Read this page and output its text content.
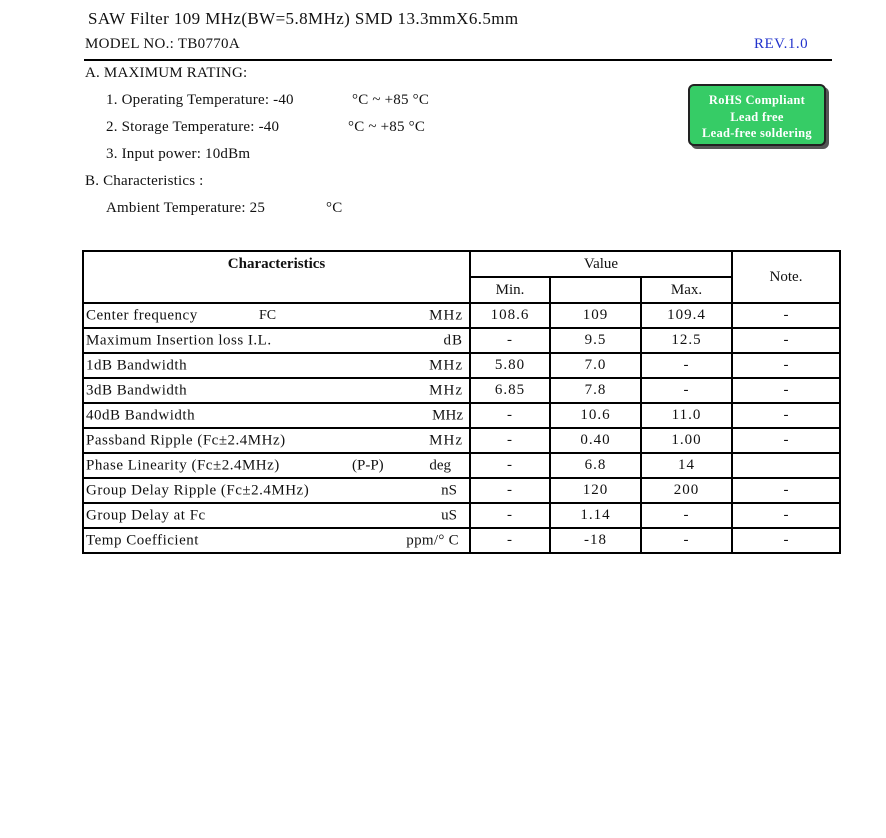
SAW Filter 109 MHz(BW=5.8MHz) SMD 13.3mmX6.5mm
MODEL NO.: TB0770A	REV.1.0
A. MAXIMUM RATING:
1. Operating Temperature: -40	°C ~ +85 °C
2. Storage Temperature: -40	°C ~ +85 °C
3. Input power: 10dBm
B. Characteristics :
Ambient Temperature: 25	°C
RoHS Compliant
Lead free
Lead-free soldering
Characteristics	Value			Note.
	Min.		Max.	

Center frequency FC MHz	108.6	109	109.4	-

Maximum Insertion loss I.L. dB	-	9.5	12.5	-

1dB Bandwidth MHz	5.80	7.0	-	-

3dB Bandwidth MHz	6.85	7.8	-	-

40dB Bandwidth MHz	-	10.6	11.0	-

Passband Ripple (Fc±2.4MHz) MHz	-	0.40	1.00	-

Phase Linearity (Fc±2.4MHz) (P-P) deg	-	6.8	14	

Group Delay Ripple (Fc±2.4MHz) nS	-	120	200	-

Group Delay at Fc uS	-	1.14	-	-

Temp Coefficient ppm/° C	-	-18	-	-
